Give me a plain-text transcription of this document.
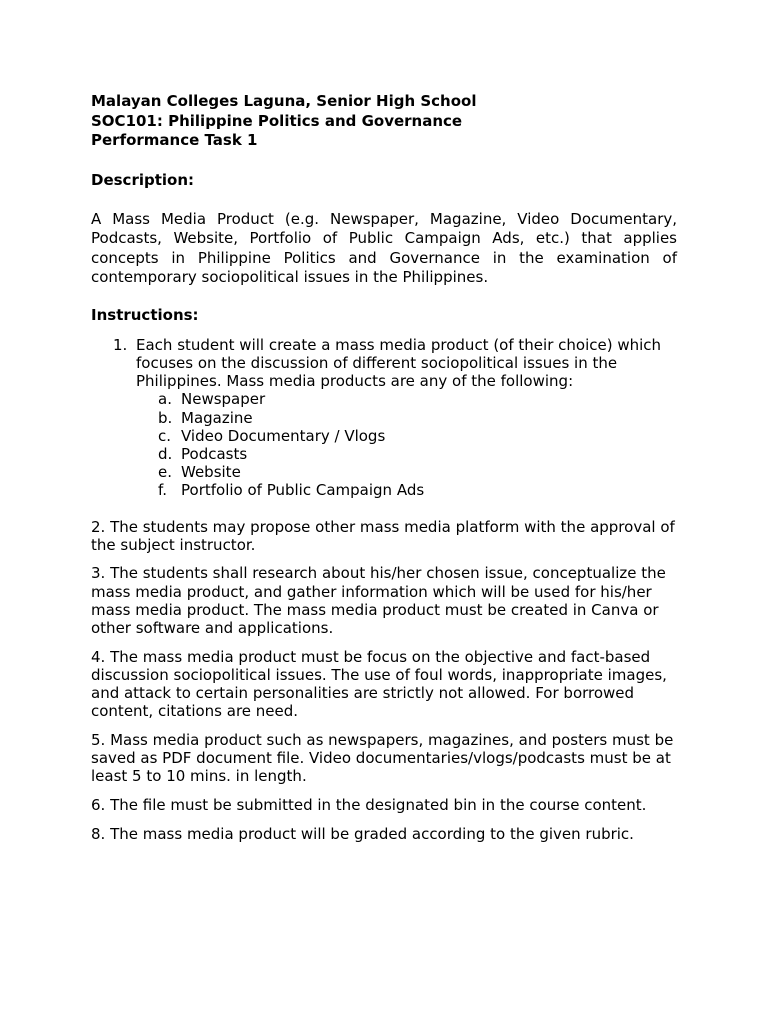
Malayan Colleges Laguna, Senior High School

SOC101: Philippine Politics and Governance

Performance Task 1

Description:

A Mass Media Product (e.g. Newspaper, Magazine, Video Documentary, Podcasts, Website, Portfolio of Public Campaign Ads, etc.) that applies concepts in Philippine Politics and Governance in the examination of contemporary sociopolitical issues in the Philippines.

Instructions:

1. Each student will create a mass media product (of their choice) which focuses on the discussion of different sociopolitical issues in the Philippines. Mass media products are any of the following:
a. Newspaper
b. Magazine
c. Video Documentary / Vlogs
d. Podcasts
e. Website
f. Portfolio of Public Campaign Ads

2. The students may propose other mass media platform with the approval of the subject instructor.

3. The students shall research about his/her chosen issue, conceptualize the mass media product, and gather information which will be used for his/her mass media product. The mass media product must be created in Canva or other software and applications.

4. The mass media product must be focus on the objective and fact-based discussion sociopolitical issues. The use of foul words, inappropriate images, and attack to certain personalities are strictly not allowed. For borrowed content, citations are need.

5. Mass media product such as newspapers, magazines, and posters must be saved as PDF document file. Video documentaries/vlogs/podcasts must be at least 5 to 10 mins. in length.

6. The file must be submitted in the designated bin in the course content.

8. The mass media product will be graded according to the given rubric.
